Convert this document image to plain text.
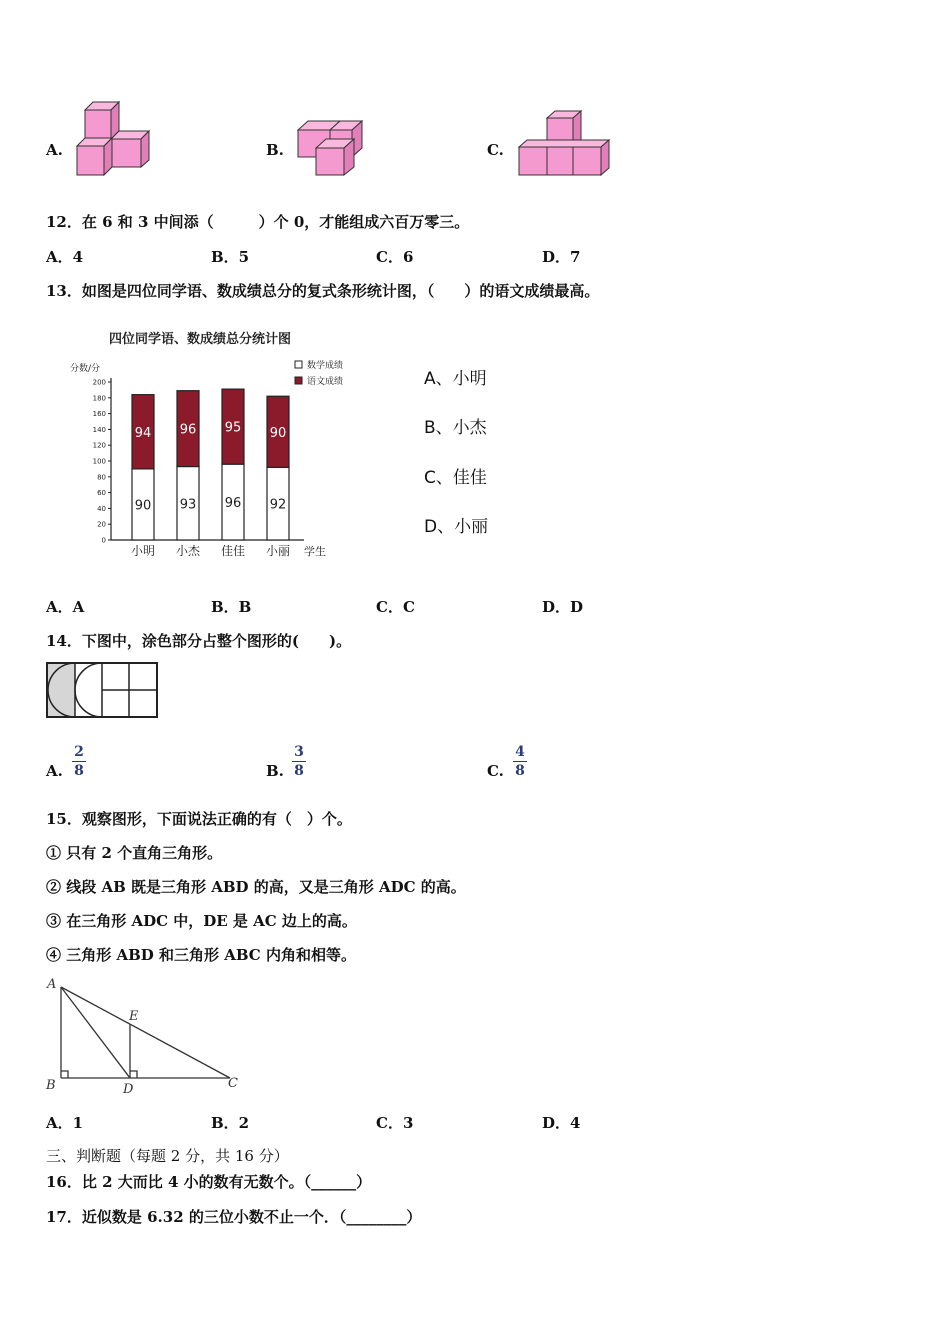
A.	B.	C.
12．在 6 和 3 中间添（　　　）个 0，才能组成六百万零三。
A．4	B．5	C．6	D．7
13．如图是四位同学语、数成绩总分的复式条形统计图，（　　）的语文成绩最高。
四位同学语、数成绩总分统计图
分数/分
学生
数学成绩
语文成绩
0
20
40
60
80
100
120
140
160
180
200
90
94
小明
93
96
小杰
96
95
佳佳
92
90
小丽
A、小明
B、小杰
C、佳佳
D、小丽
A．A	B．B	C．C	D．D
14．下图中，涂色部分占整个图形的(　　)。
A.
2
8	B.
3
8	C.
4
8
15．观察图形，下面说法正确的有（　）个。
① 只有 2 个直角三角形。
② 线段 AB 既是三角形 ABD 的高，又是三角形 ADC 的高。
③ 在三角形 ADC 中，DE 是 AC 边上的高。
④ 三角形 ABD 和三角形 ABC 内角和相等。
A
B	C
D
E
A．1	B．2	C．3	D．4
三、判断题（每题 2 分，共 16 分）
16．比 2 大而比 4 小的数有无数个。（______）
17．近似数是 6.32 的三位小数不止一个．（________）
